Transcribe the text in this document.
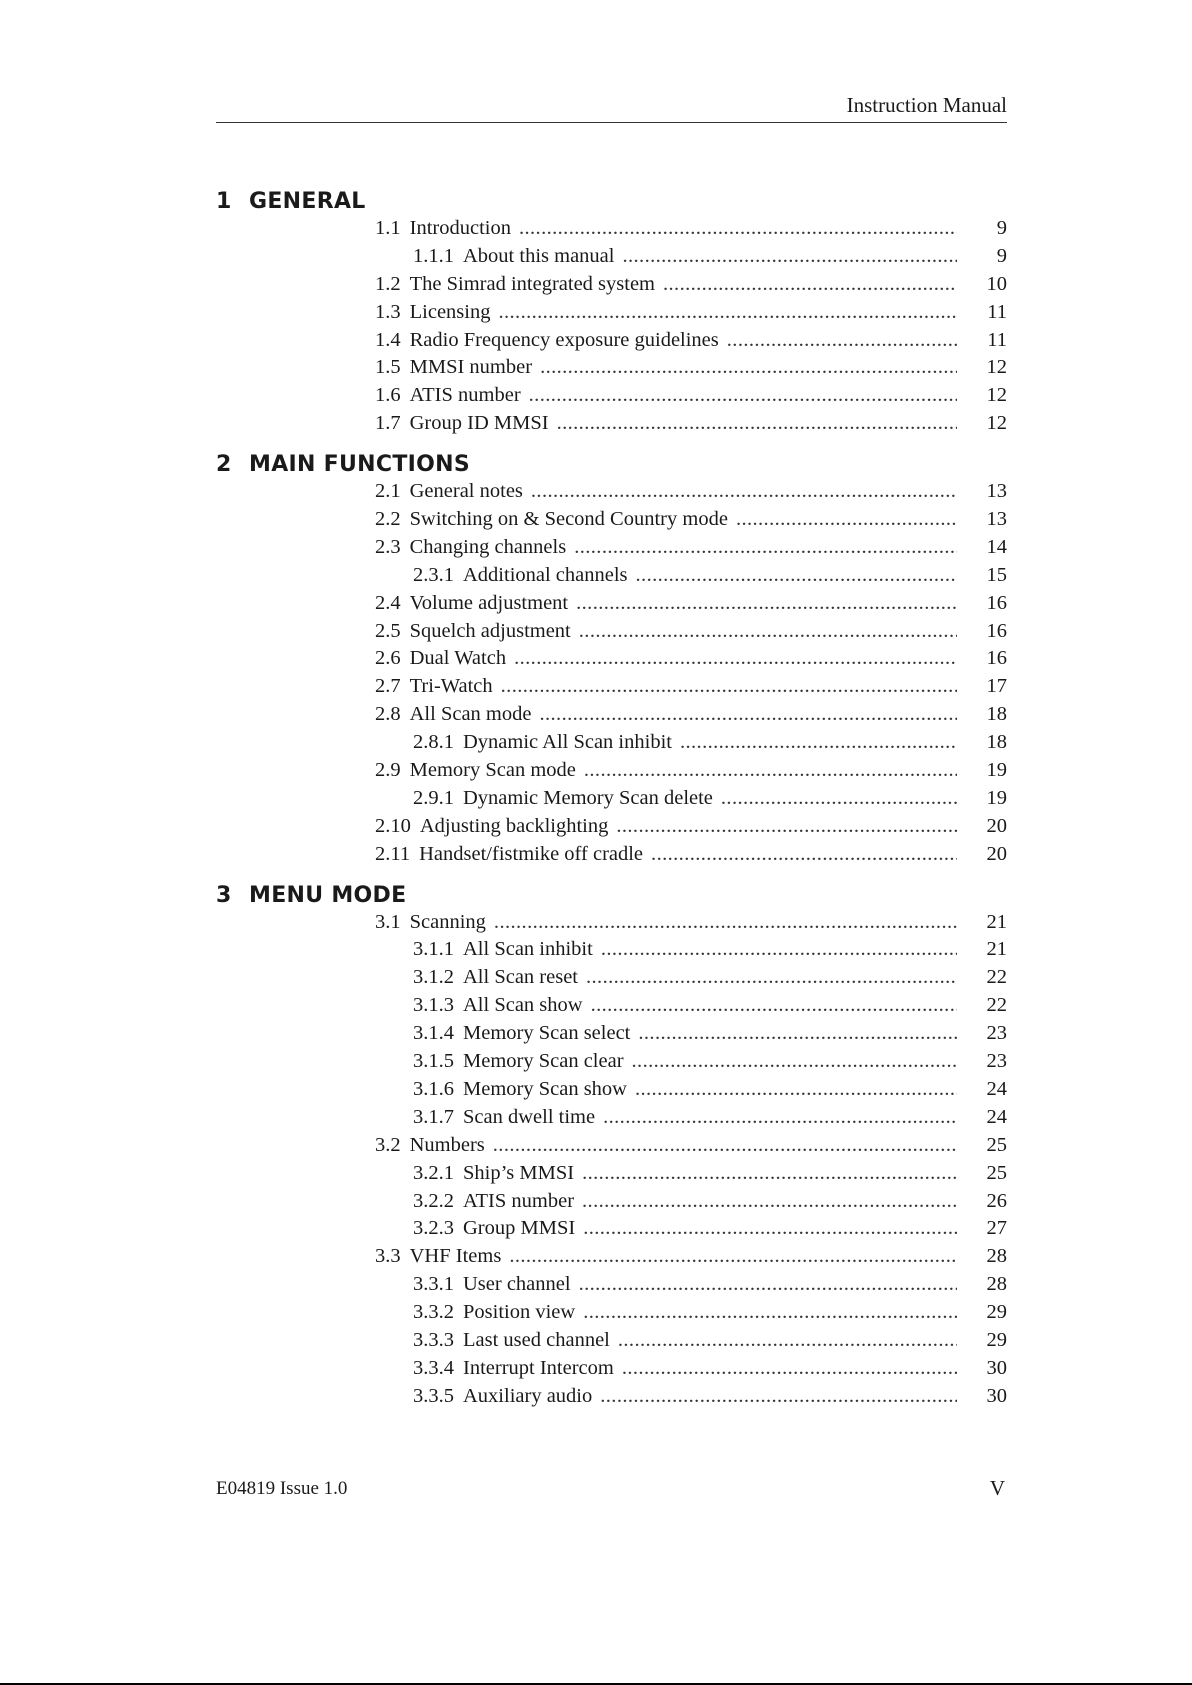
Instruction Manual
1 GENERAL
1.1 Introduction .....	9
1.1.1 About this manual .....	9
1.2 The Simrad integrated system .....	10
1.3 Licensing .....	11
1.4 Radio Frequency exposure guidelines .....	11
1.5 MMSI number .....	12
1.6 ATIS number .....	12
1.7 Group ID MMSI .....	12
2 MAIN FUNCTIONS
2.1 General notes .....	13
2.2 Switching on & Second Country mode .....	13
2.3 Changing channels .....	14
2.3.1 Additional channels .....	15
2.4 Volume adjustment .....	16
2.5 Squelch adjustment .....	16
2.6 Dual Watch .....	16
2.7 Tri-Watch .....	17
2.8 All Scan mode .....	18
2.8.1 Dynamic All Scan inhibit .....	18
2.9 Memory Scan mode .....	19
2.9.1 Dynamic Memory Scan delete .....	19
2.10 Adjusting backlighting .....	20
2.11 Handset/fistmike off cradle .....	20
3 MENU MODE
3.1 Scanning .....	21
3.1.1 All Scan inhibit .....	21
3.1.2 All Scan reset .....	22
3.1.3 All Scan show .....	22
3.1.4 Memory Scan select .....	23
3.1.5 Memory Scan clear .....	23
3.1.6 Memory Scan show .....	24
3.1.7 Scan dwell time .....	24
3.2 Numbers .....	25
3.2.1 Ship’s MMSI .....	25
3.2.2 ATIS number .....	26
3.2.3 Group MMSI .....	27
3.3 VHF Items .....	28
3.3.1 User channel .....	28
3.3.2 Position view .....	29
3.3.3 Last used channel .....	29
3.3.4 Interrupt Intercom .....	30
3.3.5 Auxiliary audio .....	30
E04819 Issue 1.0	V
